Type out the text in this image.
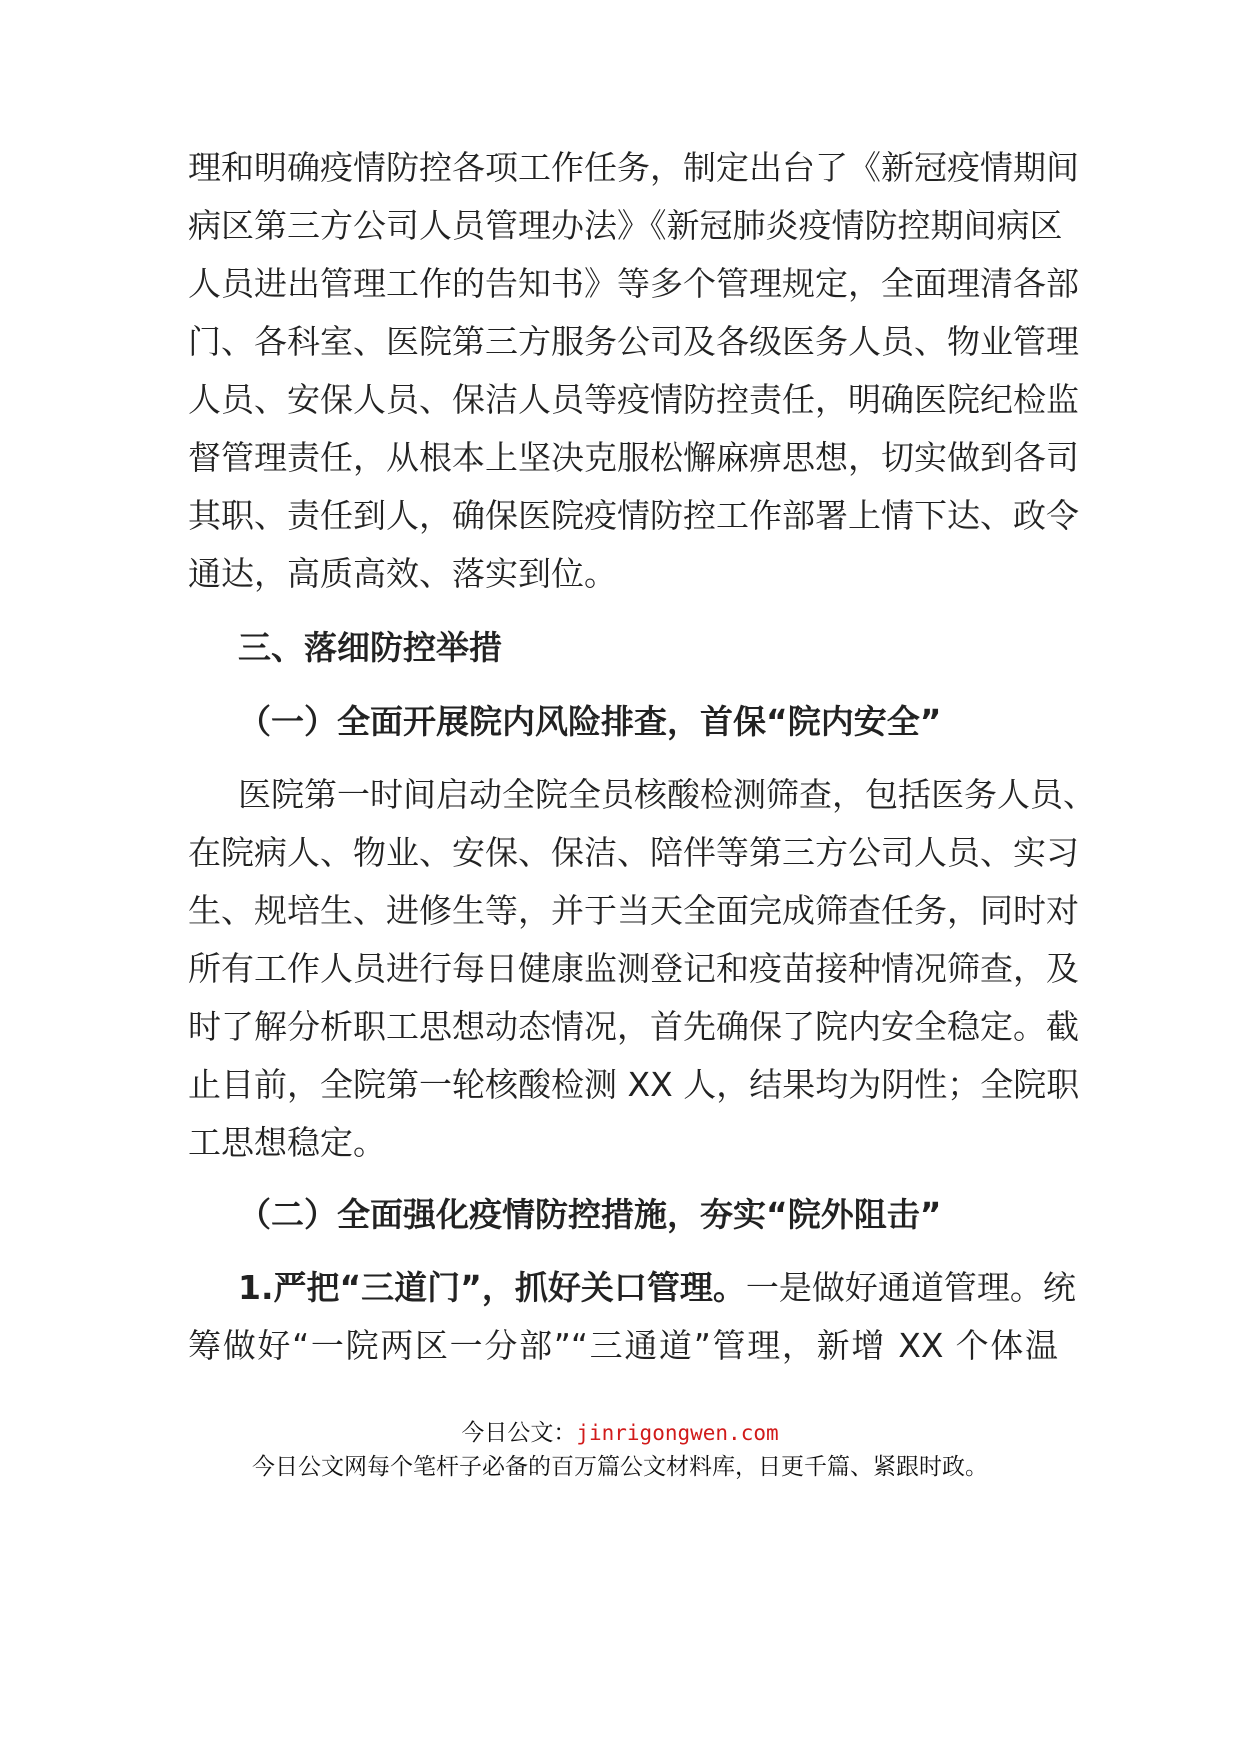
理和明确疫情防控各项工作任务，制定出台了《新冠疫情期间
病区第三方公司人员管理办法》《新冠肺炎疫情防控期间病区
人员进出管理工作的告知书》等多个管理规定，全面理清各部
门、各科室、医院第三方服务公司及各级医务人员、物业管理
人员、安保人员、保洁人员等疫情防控责任，明确医院纪检监
督管理责任，从根本上坚决克服松懈麻痹思想，切实做到各司
其职、责任到人，确保医院疫情防控工作部署上情下达、政令
通达，高质高效、落实到位。
三、落细防控举措
（一）全面开展院内风险排查，首保“院内安全”
医院第一时间启动全院全员核酸检测筛查，包括医务人员、
在院病人、物业、安保、保洁、陪伴等第三方公司人员、实习
生、规培生、进修生等，并于当天全面完成筛查任务，同时对
所有工作人员进行每日健康监测登记和疫苗接种情况筛查，及
时了解分析职工思想动态情况，首先确保了院内安全稳定。截
止目前，全院第一轮核酸检测 XX 人，结果均为阴性；全院职
工思想稳定。
（二）全面强化疫情防控措施，夯实“院外阻击”
1.严把“三道门”，抓好关口管理。一是做好通道管理。统
筹做好“一院两区一分部”“三通道”管理，新增 XX 个体温
今日公文：jinrigongwen.com
今日公文网每个笔杆子必备的百万篇公文材料库，日更千篇、紧跟时政。
